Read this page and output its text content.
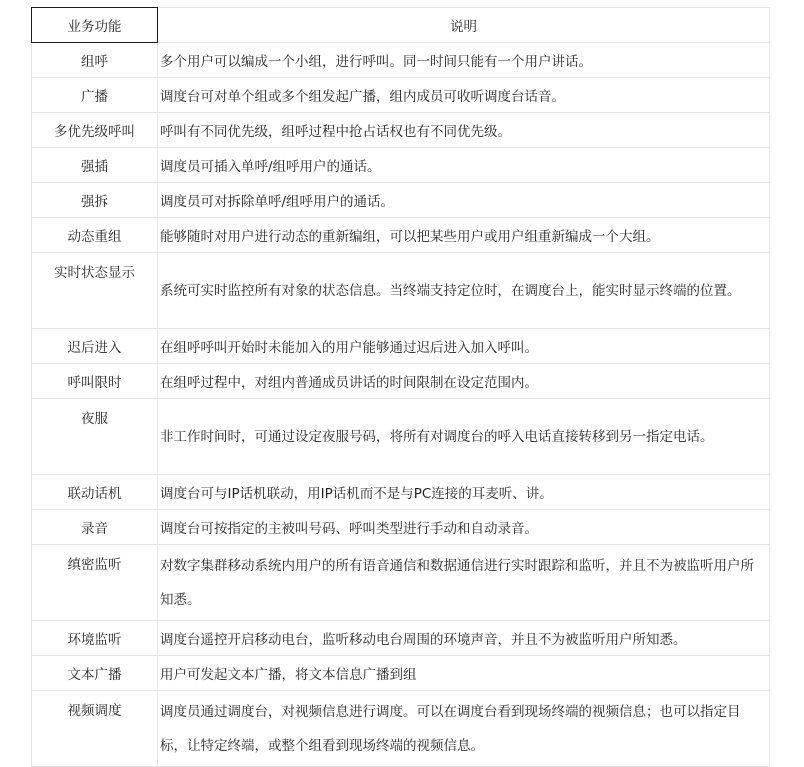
业务功能	说明
组呼	多个用户可以编成一个小组，进行呼叫。同一时间只能有一个用户讲话。
广播	调度台可对单个组或多个组发起广播，组内成员可收听调度台话音。
多优先级呼叫	呼叫有不同优先级，组呼过程中抢占话权也有不同优先级。
强插	调度员可插入单呼/组呼用户的通话。
强拆	调度员可对拆除单呼/组呼用户的通话。
动态重组	能够随时对用户进行动态的重新编组，可以把某些用户或用户组重新编成一个大组。
实时状态显示	系统可实时监控所有对象的状态信息。当终端支持定位时，在调度台上，能实时显示终端的位置。
迟后进入	在组呼呼叫开始时未能加入的用户能够通过迟后进入加入呼叫。
呼叫限时	在组呼过程中，对组内普通成员讲话的时间限制在设定范围内。
夜服	非工作时间时，可通过设定夜服号码，将所有对调度台的呼入电话直接转移到另一指定电话。
联动话机	调度台可与IP话机联动，用IP话机而不是与PC连接的耳麦听、讲。
录音	调度台可按指定的主被叫号码、呼叫类型进行手动和自动录音。
缜密监听	对数字集群移动系统内用户的所有语音通信和数据通信进行实时跟踪和监听，并且不为被监听用户所知悉。
环境监听	调度台遥控开启移动电台，监听移动电台周围的环境声音，并且不为被监听用户所知悉。
文本广播	用户可发起文本广播，将文本信息广播到组
视频调度	调度员通过调度台，对视频信息进行调度。可以在调度台看到现场终端的视频信息；也可以指定目标，让特定终端，或整个组看到现场终端的视频信息。
